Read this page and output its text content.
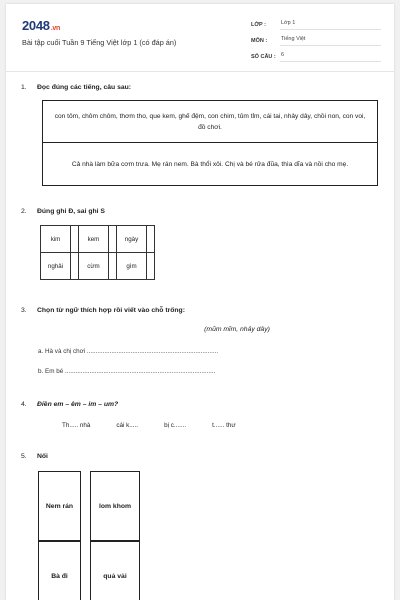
2048.vn
Bài tập cuối Tuần 9 Tiếng Việt lớp 1 (có đáp án)
LỚP :	Lớp 1
MÔN :	Tiếng Việt
SỐ CÂU : 6
1. Đọc đúng các tiếng, câu sau:
con tôm, chôm chôm, thơm tho, que kem, ghế đệm, con chim, tủm tỉm, cái tai, nhảy dây, chồi non, con voi, đồ chơi.
Cả nhà làm bữa cơm trưa. Mẹ rán nem. Bà thổi xôi. Chị và bé rửa đũa, thìa dĩa và nồi cho mẹ.
2. Đúng ghi Đ, sai ghi S
kim		kem		ngày	
nghải		cừm		gìm	
3. Chọn từ ngữ thích hợp rồi viết vào chỗ trống:
(mũm mĩm, nhảy dây)
a. Hà và chị chơi ...........................................................................
b. Em bé ......................................................................................
4. Điền em – êm – im – um?
Th..... nhà	cái k.....	bị c.......	t...... thư
5. Nối
Nem rán	lom khom
Bà đi	quả vải
